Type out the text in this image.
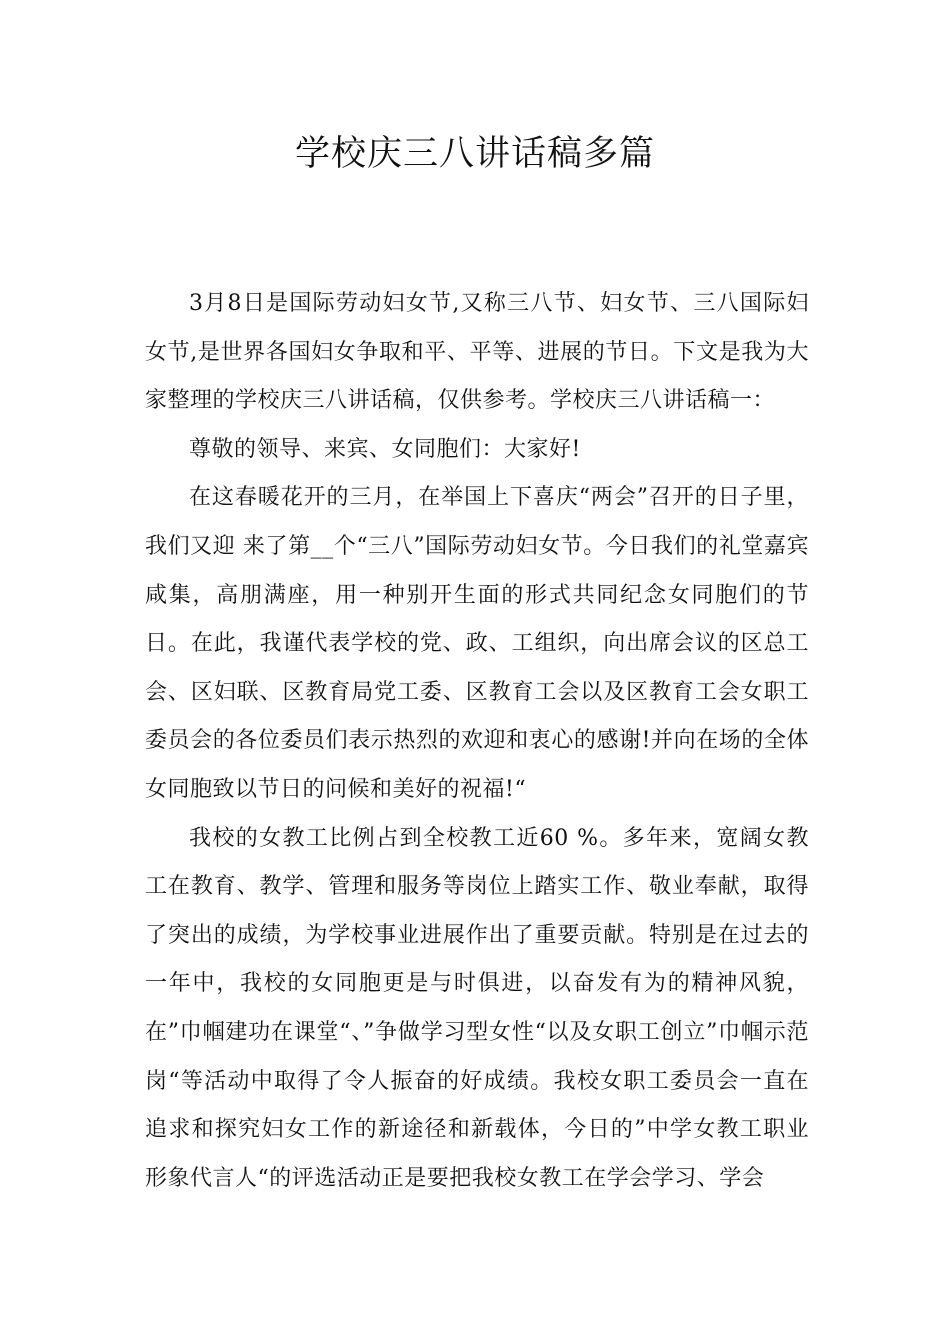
学校庆三八讲话稿多篇

3月8日是国际劳动妇女节,又称三八节、妇女节、三八国际妇女节,是世界各国妇女争取和平、平等、进展的节日。下文是我为大家整理的学校庆三八讲话稿，仅供参考。学校庆三八讲话稿一：

尊敬的领导、来宾、女同胞们：大家好!

在这春暖花开的三月，在举国上下喜庆“两会”召开的日子里，我们又迎 来了第__个“三八”国际劳动妇女节。今日我们的礼堂嘉宾咸集，高朋满座，用一种别开生面的形式共同纪念女同胞们的节日。在此，我谨代表学校的党、政、工组织，向出席会议的区总工会、区妇联、区教育局党工委、区教育工会以及区教育工会女职工委员会的各位委员们表示热烈的欢迎和衷心的感谢!并向在场的全体女同胞致以节日的问候和美好的祝福!“

我校的女教工比例占到全校教工近60 %。多年来，宽阔女教工在教育、教学、管理和服务等岗位上踏实工作、敬业奉献，取得了突出的成绩，为学校事业进展作出了重要贡献。特别是在过去的一年中，我校的女同胞更是与时俱进，以奋发有为的精神风貌，在”巾帼建功在课堂“、”争做学习型女性“以及女职工创立”巾帼示范岗“等活动中取得了令人振奋的好成绩。我校女职工委员会一直在追求和探究妇女工作的新途径和新载体，今日的”中学女教工职业形象代言人“的评选活动正是要把我校女教工在学会学习、学会
